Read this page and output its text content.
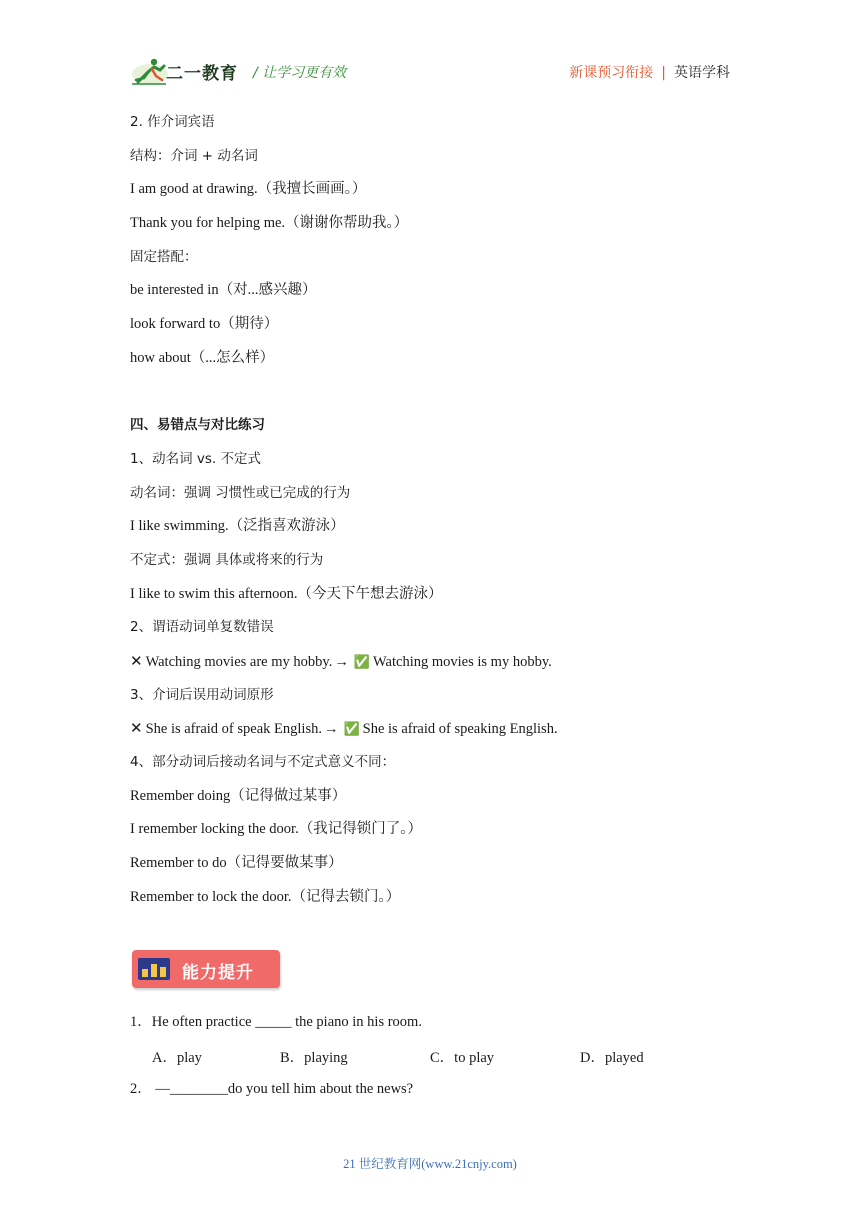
二一教育 / 让学习更有效	新课预习衔接 | 英语学科
2. 作介词宾语
结构：介词 + 动名词
I am good at drawing.（我擅长画画。）
Thank you for helping me.（谢谢你帮助我。）
固定搭配：
be interested in（对...感兴趣）
look forward to（期待）
how about（...怎么样）
四、易错点与对比练习
1、动名词 vs. 不定式
动名词：强调 习惯性或已完成的行为
I like swimming.（泛指喜欢游泳）
不定式：强调 具体或将来的行为
I like to swim this afternoon.（今天下午想去游泳）
2、谓语动词单复数错误
✕ Watching movies are my hobby. → ✅ Watching movies is my hobby.
3、介词后误用动词原形
✕ She is afraid of speak English. → ✅ She is afraid of speaking English.
4、部分动词后接动名词与不定式意义不同：
Remember doing（记得做过某事）
I remember locking the door.（我记得锁门了。）
Remember to do（记得要做某事）
Remember to lock the door.（记得去锁门。）
能力提升
1．He often practice _____ the piano in his room.
A．play	B．playing	C．to play	D．played
2． —________do you tell him about the news?
21 世纪教育网(www.21cnjy.com)
